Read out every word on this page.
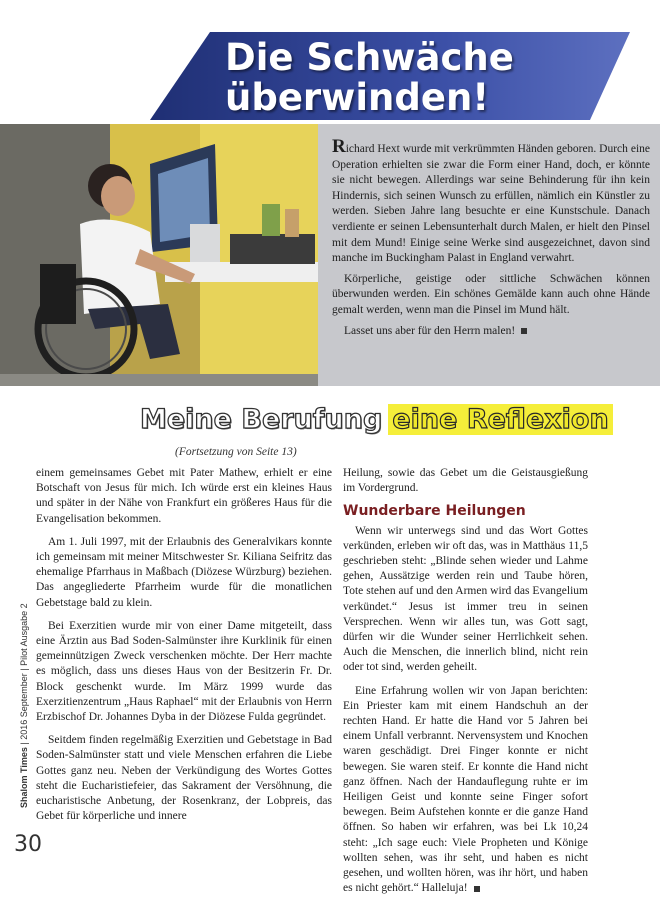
Die Schwäche
überwinden!

Richard Hext wurde mit verkrümmten Händen geboren. Durch eine Operation erhielten sie zwar die Form einer Hand, doch, er könnte sie nicht bewegen. Allerdings war seine Behinderung für ihn kein Hindernis, sich seinen Wunsch zu erfüllen, nämlich ein Künstler zu werden. Sieben Jahre lang besuchte er eine Kunstschule. Danach verdiente er seinen Lebensunterhalt durch Malen, er hielt den Pinsel mit dem Mund! Einige seine Werke sind ausgezeichnet, davon sind manche im Buckingham Palast in England verwahrt.

Körperliche, geistige oder sittliche Schwächen können überwunden werden. Ein schönes Gemälde kann auch ohne Hände gemalt werden, wenn man die Pinsel im Mund hält.

Lasset uns aber für den Herrn malen!

Meine Berufung eine Reflexion
(Fortsetzung von Seite 13)

einem gemeinsames Gebet mit Pater Mathew, erhielt er eine Botschaft von Jesus für mich. Ich würde erst ein kleines Haus und später in der Nähe von Frankfurt ein größeres Haus für die Evangelisation bekommen.

Am 1. Juli 1997, mit der Erlaubnis des Generalvikars konnte ich gemeinsam mit meiner Mitschwester Sr. Kiliana Seifritz das ehemalige Pfarrhaus in Maßbach (Diözese Würzburg) beziehen. Das angegliederte Pfarrheim wurde für die monatlichen Gebetstage bald zu klein.

Bei Exerzitien wurde mir von einer Dame mitgeteilt, dass eine Ärztin aus Bad Soden-Salmünster ihre Kurklinik für einen gemeinnützigen Zweck verschenken möchte. Der Herr machte es möglich, dass uns dieses Haus von der Besitzerin Fr. Dr. Block geschenkt wurde. Im März 1999 wurde das Exerzitienzentrum „Haus Raphael“ mit der Erlaubnis von Herrn Erzbischof Dr. Johannes Dyba in der Diözese Fulda gegründet.

Seitdem finden regelmäßig Exerzitien und Gebetstage in Bad Soden-Salmünster statt und viele Menschen erfahren die Liebe Gottes ganz neu. Neben der Verkündigung des Wortes Gottes steht die Eucharistiefeier, das Sakrament der Versöhnung, die eucharistische Anbetung, der Rosenkranz, der Lobpreis, das Gebet für körperliche und innere

Heilung, sowie das Gebet um die Geistausgießung im Vordergrund.

Wunderbare Heilungen

Wenn wir unterwegs sind und das Wort Gottes verkünden, erleben wir oft das, was in Matthäus 11,5 geschrieben steht: „Blinde sehen wieder und Lahme gehen, Aussätzige werden rein und Taube hören, Tote stehen auf und den Armen wird das Evangelium verkündet.“ Jesus ist immer treu in seinen Versprechen. Wenn wir alles tun, was Gott sagt, dürfen wir die Wunder seiner Herrlichkeit sehen. Auch die Menschen, die innerlich blind, nicht rein oder tot sind, werden geheilt.

Eine Erfahrung wollen wir von Japan berichten: Ein Priester kam mit einem Handschuh an der rechten Hand. Er hatte die Hand vor 5 Jahren bei einem Unfall verbrannt. Nervensystem und Knochen waren geschädigt. Drei Finger konnte er nicht bewegen. Sie waren steif. Er konnte die Hand nicht ganz öffnen. Nach der Handauflegung ruhte er im Heiligen Geist und konnte seine Finger sofort bewegen. Beim Aufstehen konnte er die ganze Hand öffnen. So haben wir erfahren, was bei Lk 10,24 steht: „Ich sage euch: Viele Propheten und Könige wollten sehen, was ihr seht, und haben es nicht gesehen, und wollten hören, was ihr hört, und haben es nicht gehört.“ Halleluja!

Shalom Times | 2016 September | Pilot Ausgabe 2
30
